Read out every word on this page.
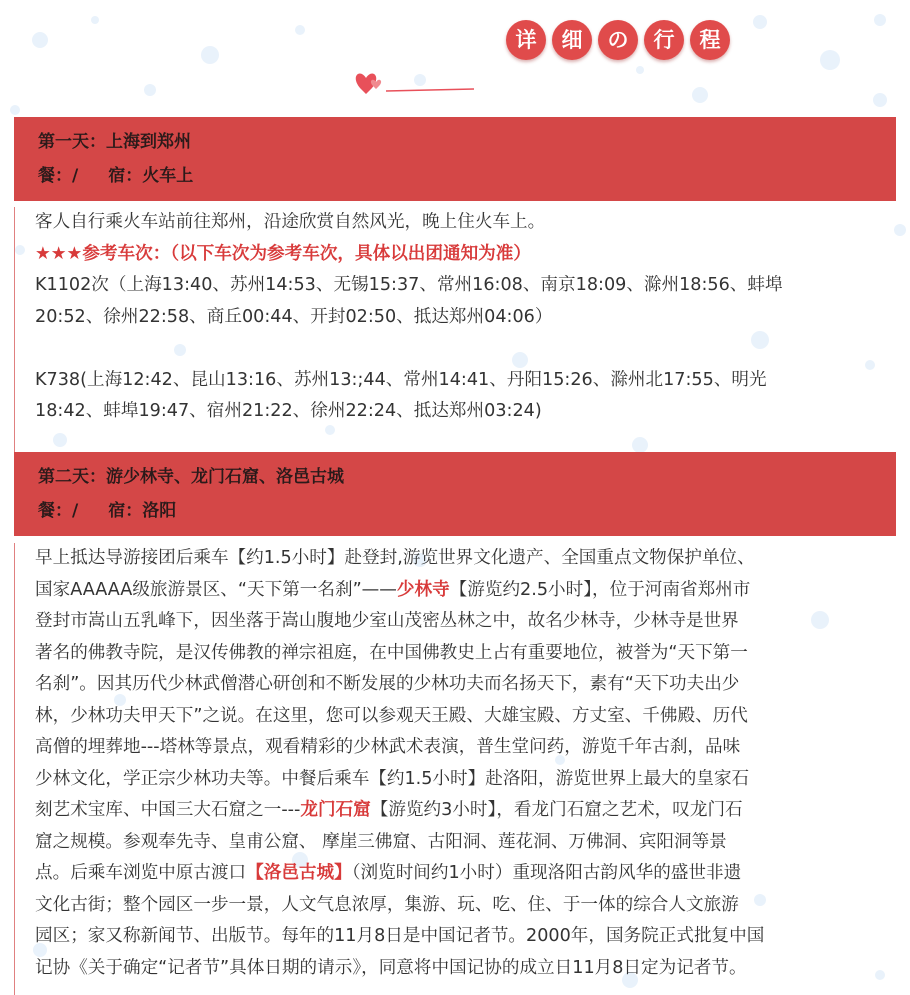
详	细	の	行	程
第一天：上海到郑州
餐：/ 宿：火车上
客人自行乘火车站前往郑州，沿途欣赏自然风光，晚上住火车上。
★★★参考车次：（以下车次为参考车次，具体以出团通知为准）
K1102次（上海13:40、苏州14:53、无锡15:37、常州16:08、南京18:09、滁州18:56、蚌埠
20:52、徐州22:58、商丘00:44、开封02:50、抵达郑州04:06）
K738(上海12:42、昆山13:16、苏州13:;44、常州14:41、丹阳15:26、滁州北17:55、明光
18:42、蚌埠19:47、宿州21:22、徐州22:24、抵达郑州03:24)
第二天：游少林寺、龙门石窟、洛邑古城
餐：/ 宿：洛阳
早上抵达导游接团后乘车【约1.5小时】赴登封,游览世界文化遗产、全国重点文物保护单位、
国家AAAAA级旅游景区、“天下第一名刹”——少林寺【游览约2.5小时】，位于河南省郑州市
登封市嵩山五乳峰下，因坐落于嵩山腹地少室山茂密丛林之中，故名少林寺，少林寺是世界
著名的佛教寺院，是汉传佛教的禅宗祖庭，在中国佛教史上占有重要地位，被誉为“天下第一
名刹”。因其历代少林武僧潜心研创和不断发展的少林功夫而名扬天下，素有“天下功夫出少
林，少林功夫甲天下”之说。在这里，您可以参观天王殿、大雄宝殿、方丈室、千佛殿、历代
高僧的埋葬地---塔林等景点，观看精彩的少林武术表演，普生堂问药，游览千年古刹，品味
少林文化，学正宗少林功夫等。中餐后乘车【约1.5小时】赴洛阳，游览世界上最大的皇家石
刻艺术宝库、中国三大石窟之一---龙门石窟【游览约3小时】，看龙门石窟之艺术，叹龙门石
窟之规模。参观奉先寺、皇甫公窟、 摩崖三佛窟、古阳洞、莲花洞、万佛洞、宾阳洞等景
点。后乘车浏览中原古渡口【洛邑古城】（浏览时间约1小时）重现洛阳古韵风华的盛世非遗
文化古街；整个园区一步一景，人文气息浓厚，集游、玩、吃、住、于一体的综合人文旅游
园区；家又称新闻节、出版节。每年的11月8日是中国记者节。2000年，国务院正式批复中国
记协《关于确定“记者节”具体日期的请示》，同意将中国记协的成立日11月8日定为记者节。
